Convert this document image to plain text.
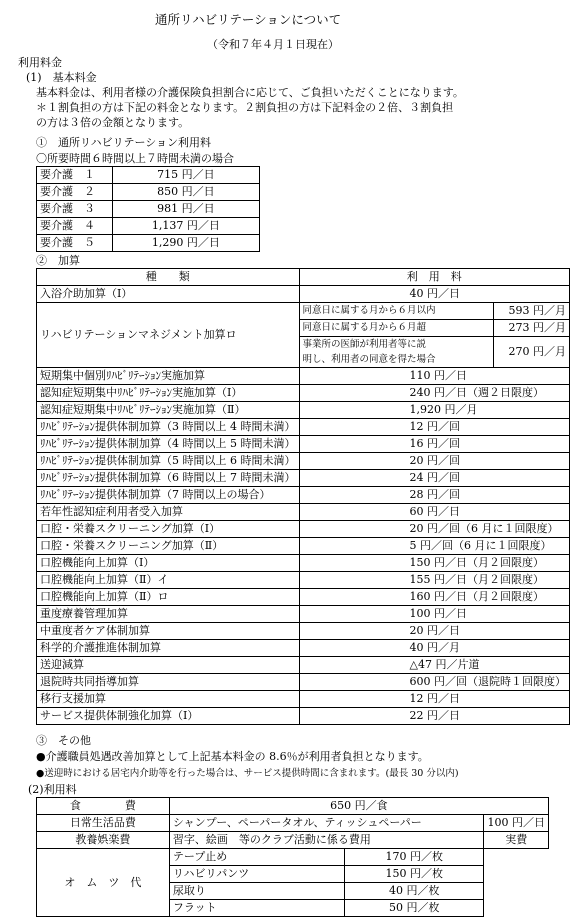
通所リハビリテーションについて
（令和７年４月１日現在）
利用料金
(1)　基本料金
基本料金は、利用者様の介護保険負担割合に応じて、ご負担いただくことになります。
＊１割負担の方は下記の料金となります。２割負担の方は下記料金の２倍、３割負担
の方は３倍の金額となります。
①　通所リハビリテーション利用料
〇所要時間６時間以上７時間未満の場合
要介護　１	715 円／日
要介護　２	850 円／日
要介護　３	981 円／日
要介護　４	1,137 円／日
要介護　５	1,290 円／日
②　加算
種　　類	利　用　料	
入浴介助加算（Ⅰ）	40 円／日	
リハビリテーションマネジメント加算ロ	同意日に属する月から６月以内	593 円／月
	同意日に属する月から６月超	273 円／月

	事業所の医師が利用者等に説
明し、利用者の同意を得た場合	270 円／月
短期集中個別ﾘﾊﾋﾞﾘﾃｰｼｮﾝ実施加算	110 円／日	
認知症短期集中ﾘﾊﾋﾞﾘﾃｰｼｮﾝ実施加算（Ⅰ）	240 円／日（週２日限度）	
認知症短期集中ﾘﾊﾋﾞﾘﾃｰｼｮﾝ実施加算（Ⅱ）	1,920 円／月	
ﾘﾊﾋﾞﾘﾃｰｼｮﾝ提供体制加算（3 時間以上 4 時間未満）	12 円／回	
ﾘﾊﾋﾞﾘﾃｰｼｮﾝ提供体制加算（4 時間以上 5 時間未満）	16 円／回	
ﾘﾊﾋﾞﾘﾃｰｼｮﾝ提供体制加算（5 時間以上 6 時間未満）	20 円／回	
ﾘﾊﾋﾞﾘﾃｰｼｮﾝ提供体制加算（6 時間以上 7 時間未満）	24 円／回	
ﾘﾊﾋﾞﾘﾃｰｼｮﾝ提供体制加算（7 時間以上の場合）	28 円／回	
若年性認知症利用者受入加算	60 円／日	
口腔・栄養スクリーニング加算（Ⅰ）	20 円／回（6 月に１回限度）	
口腔・栄養スクリーニング加算（Ⅱ）	5 円／回（6 月に１回限度）	
口腔機能向上加算（Ⅰ）	150 円／日（月２回限度）	
口腔機能向上加算（Ⅱ）イ	155 円／日（月２回限度）	
口腔機能向上加算（Ⅱ）ロ	160 円／日（月２回限度）	
重度療養管理加算	100 円／日	
中重度者ケア体制加算	20 円／日	
科学的介護推進体制加算	40 円／月	
送迎減算	△47 円／片道	
退院時共同指導加算	600 円／回（退院時１回限度）	
移行支援加算	12 円／日	
サービス提供体制強化加算（Ⅰ）	22 円／日	
③　その他
●介護職員処遇改善加算として上記基本料金の 8.6％が利用者負担となります。
●送迎時における居宅内介助等を行った場合は、サービス提供時間に含まれます。(最長 30 分以内)
(2)利用料
食　　　　費	650 円／食		
日常生活品費	シャンプー、ペーパータオル、ティッシュペーパー		100 円／日
教養娯楽費	習字、絵画　等のクラブ活動に係る費用		実費
オ　ム　ツ　代	テープ止め	170 円／枚	
	リハビリパンツ	150 円／枚	
	尿取り	40 円／枚	
	フラット	50 円／枚	
